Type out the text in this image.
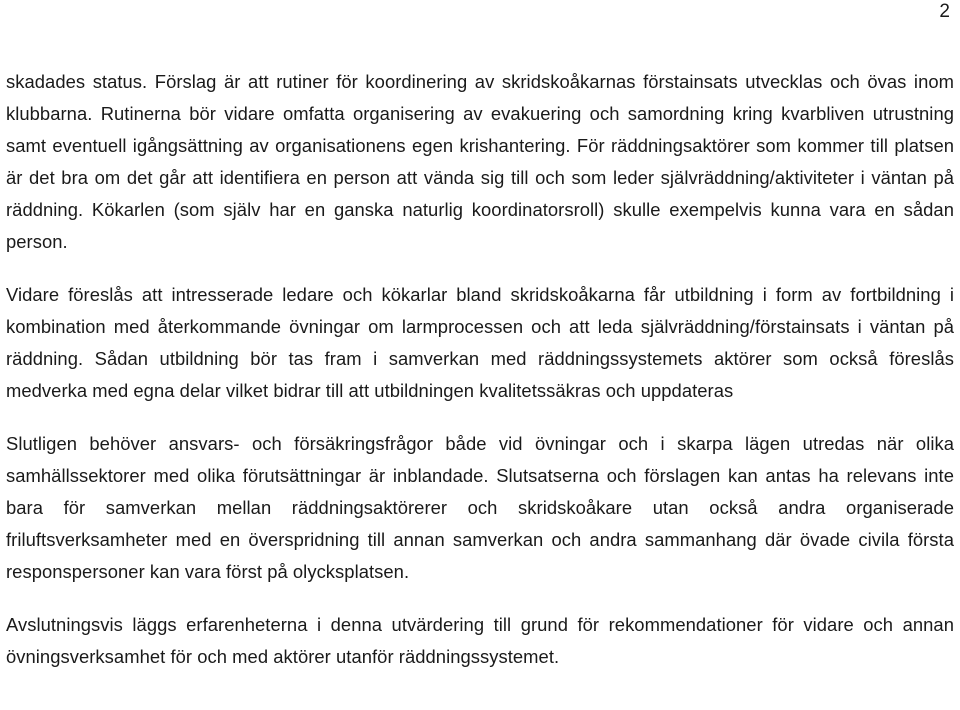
2

skadades status. Förslag är att rutiner för koordinering av skridskoåkarnas förstainsats utvecklas och övas inom klubbarna. Rutinerna bör vidare omfatta organisering av evakuering och samordning kring kvarbliven utrustning samt eventuell igångsättning av organisationens egen krishantering. För räddningsaktörer som kommer till platsen är det bra om det går att identifiera en person att vända sig till och som leder självräddning/aktiviteter i väntan på räddning. Kökarlen (som själv har en ganska naturlig koordinatorsroll) skulle exempelvis kunna vara en sådan person.

Vidare föreslås att intresserade ledare och kökarlar bland skridskoåkarna får utbildning i form av fortbildning i kombination med återkommande övningar om larmprocessen och att leda självräddning/förstainsats i väntan på räddning. Sådan utbildning bör tas fram i samverkan med räddningssystemets aktörer som också föreslås medverka med egna delar vilket bidrar till att utbildningen kvalitetssäkras och uppdateras

Slutligen behöver ansvars- och försäkringsfrågor både vid övningar och i skarpa lägen utredas när olika samhällssektorer med olika förutsättningar är inblandade. Slutsatserna och förslagen kan antas ha relevans inte bara för samverkan mellan räddningsaktörerer och skridskoåkare utan också andra organiserade friluftsverksamheter med en överspridning till annan samverkan och andra sammanhang där övade civila första responspersoner kan vara först på olycksplatsen.

Avslutningsvis läggs erfarenheterna i denna utvärdering till grund för rekommendationer för vidare och annan övningsverksamhet för och med aktörer utanför räddningssystemet.
